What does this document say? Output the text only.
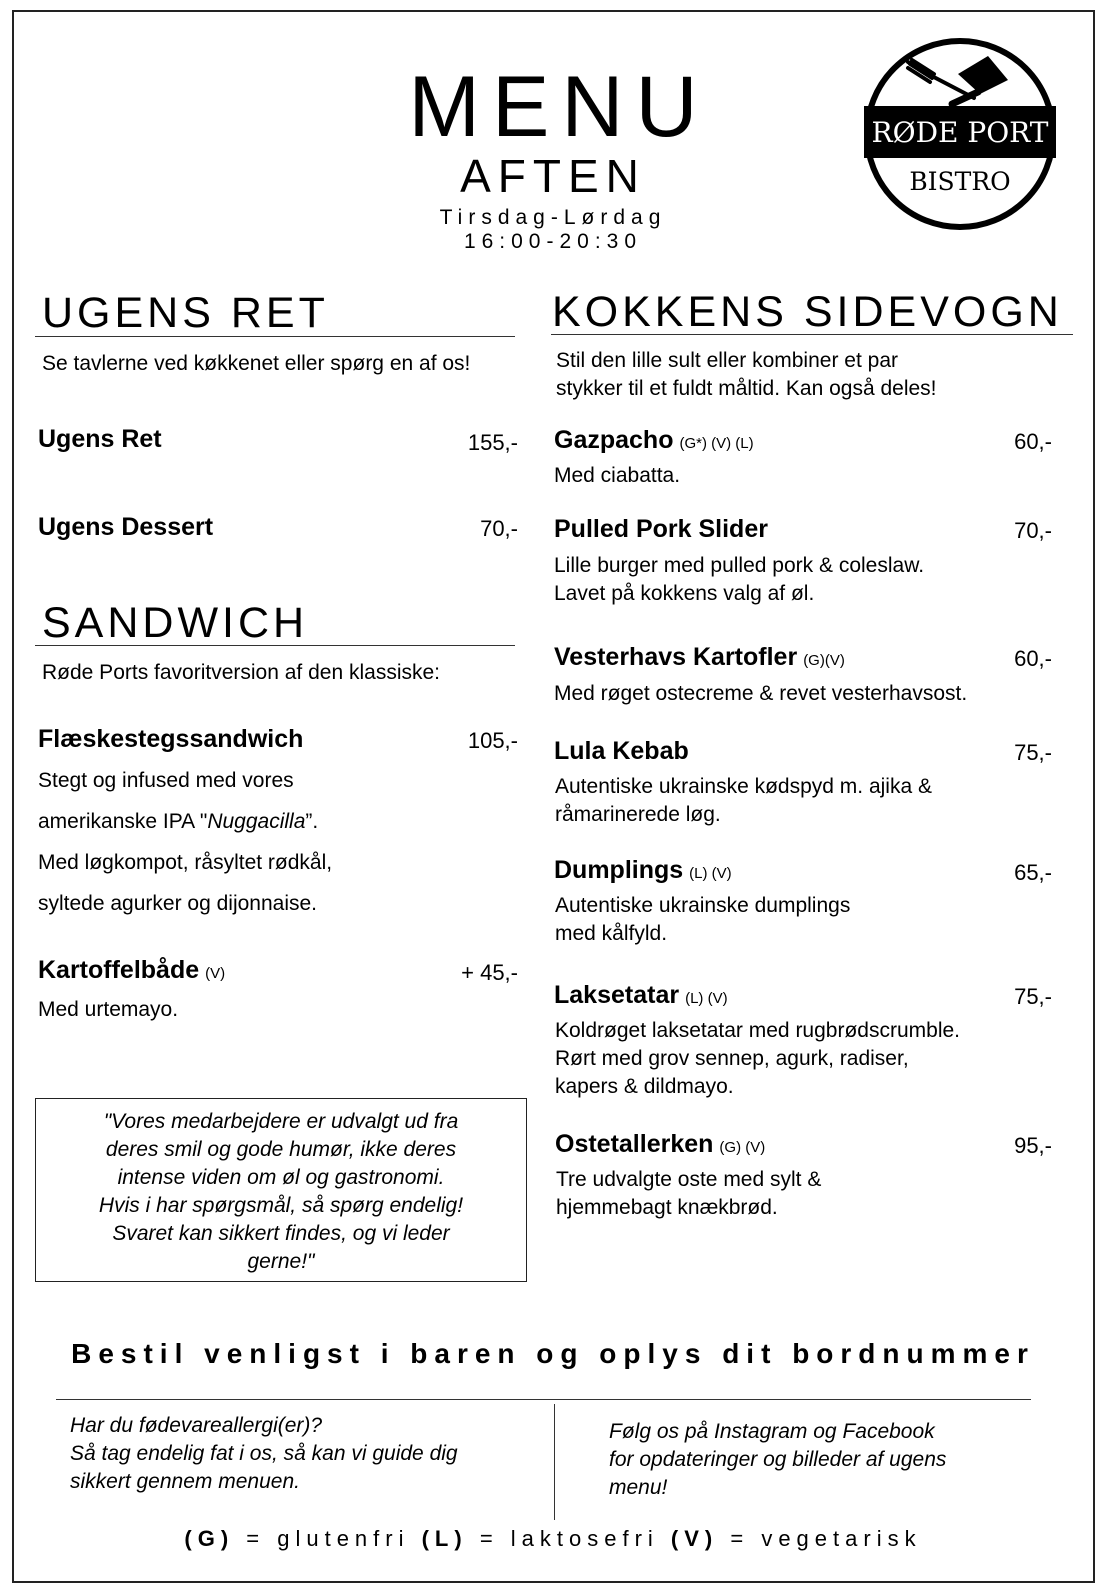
MENU
AFTEN
Tirsdag-Lørdag
16:00-20:30
RØDE PORT
BISTRO
UGENS RET
Se tavlerne ved køkkenet eller spørg en af os!
Ugens Ret	155,-
Ugens Dessert	70,-
SANDWICH
Røde Ports favoritversion af den klassiske:
Flæskestegssandwich	105,-
Stegt og infused med vores
amerikanske IPA "Nuggacilla”.
Med løgkompot, råsyltet rødkål,
syltede agurker og dijonnaise.
Kartoffelbåde (V)	+ 45,-
Med urtemayo.
"Vores medarbejdere er udvalgt ud fra
deres smil og gode humør, ikke deres
intense viden om øl og gastronomi.
Hvis i har spørgsmål, så spørg endelig!
Svaret kan sikkert findes, og vi leder
gerne!"
KOKKENS SIDEVOGN
Stil den lille sult eller kombiner et par
stykker til et fuldt måltid. Kan også deles!
Gazpacho (G*) (V) (L)	60,-
Med ciabatta.
Pulled Pork Slider	70,-
Lille burger med pulled pork & coleslaw.
Lavet på kokkens valg af øl.
Vesterhavs Kartofler (G)(V)	60,-
Med røget ostecreme & revet vesterhavsost.
Lula Kebab	75,-
Autentiske ukrainske kødspyd m. ajika &
råmarinerede løg.
Dumplings (L) (V)	65,-
Autentiske ukrainske dumplings
med kålfyld.
Laksetatar (L) (V)	75,-
Koldrøget laksetatar med rugbrødscrumble.
Rørt med grov sennep, agurk, radiser,
kapers & dildmayo.
Ostetallerken (G) (V)	95,-
Tre udvalgte oste med sylt &
hjemmebagt knækbrød.
Bestil venligst i baren og oplys dit bordnummer
Har du fødevareallergi(er)?
Så tag endelig fat i os, så kan vi guide dig
sikkert gennem menuen.
Følg os på Instagram og Facebook
for opdateringer og billeder af ugens
menu!
(G) = glutenfri (L) = laktosefri (V) = vegetarisk
